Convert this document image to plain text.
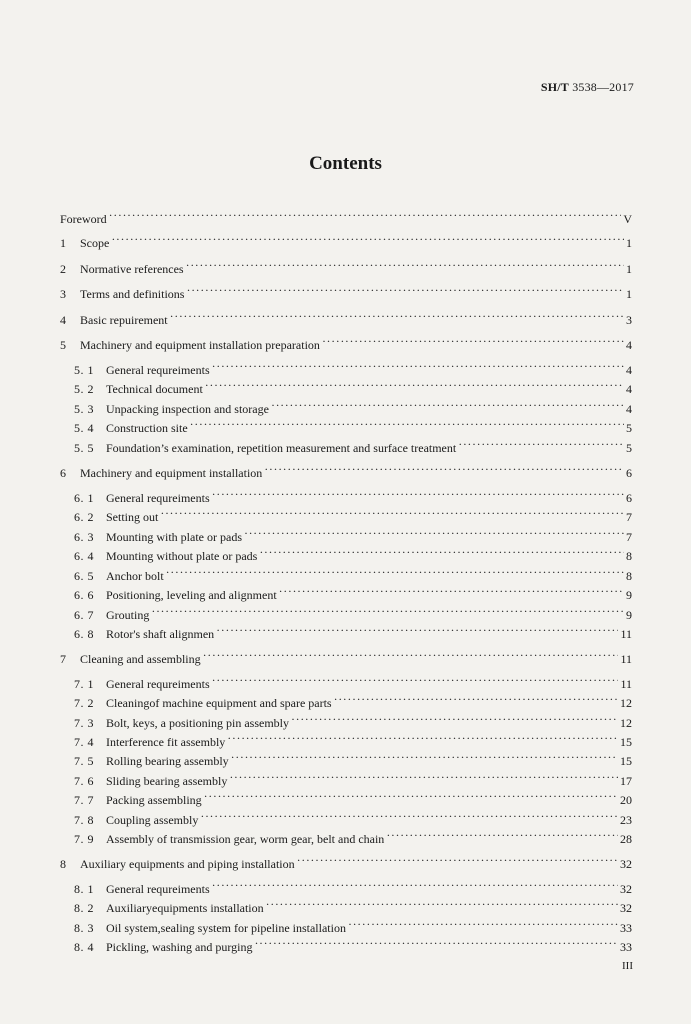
SH/T 3538—2017
Contents
Foreword ·····	V
1	Scope ·····	1
2	Normative references ·····	1
3	Terms and definitions ·····	1
4	Basic repuirement ·····	3
5	Machinery and equipment installation preparation ·····	4
5. 1	General requreiments ·····	4
5. 2	Technical document ·····	4
5. 3	Unpacking inspection and storage ·····	4
5. 4	Construction site ·····	5
5. 5	Foundation’s examination, repetition measurement and surface treatment ·····	5
6	Machinery and equipment installation ·····	6
6. 1	General requreiments ·····	6
6. 2	Setting out ·····	7
6. 3	Mounting with plate or pads ·····	7
6. 4	Mounting without plate or pads ·····	8
6. 5	Anchor bolt ·····	8
6. 6	Positioning, leveling and alignment ·····	9
6. 7	Grouting ·····	9
6. 8	Rotor's shaft alignmen ·····	11
7	Cleaning and assembling ·····	11
7. 1	General requreiments ·····	11
7. 2	Cleaningof machine equipment and spare parts ·····	12
7. 3	Bolt, keys, a positioning pin assembly ·····	12
7. 4	Interference fit assembly ·····	15
7. 5	Rolling bearing assembly ·····	15
7. 6	Sliding bearing assembly ·····	17
7. 7	Packing assembling ·····	20
7. 8	Coupling assembly ·····	23
7. 9	Assembly of transmission gear, worm gear, belt and chain ·····	28
8	Auxiliary equipments and piping installation ·····	32
8. 1	General requreiments ·····	32
8. 2	Auxiliaryequipments installation ·····	32
8. 3	Oil system,sealing system for pipeline installation ·····	33
8. 4	Pickling, washing and purging ·····	33
III
